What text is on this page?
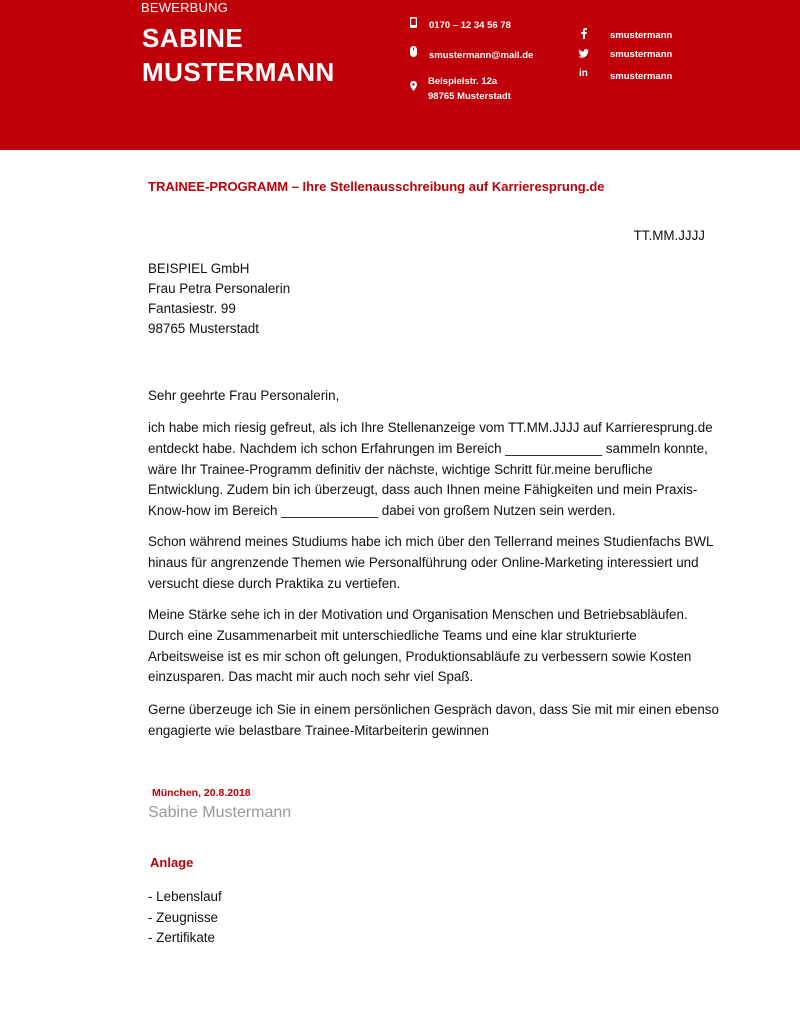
BEWERBUNG
SABINE
MUSTERMANN
0170 – 12 34 56 78
smustermann@mail.de
Beispielstr. 12a
98765 Musterstadt
smustermann
smustermann
in smustermann
TRAINEE-PROGRAMM – Ihre Stellenausschreibung auf Karrieresprung.de
TT.MM.JJJJ
BEISPIEL GmbH
Frau Petra Personalerin
Fantasiestr. 99
98765 Musterstadt
Sehr geehrte Frau Personalerin,
ich habe mich riesig gefreut, als ich Ihre Stellenanzeige vom TT.MM.JJJJ auf Karrieresprung.de
entdeckt habe. Nachdem ich schon Erfahrungen im Bereich _____________ sammeln konnte,
wäre Ihr Trainee-Programm definitiv der nächste, wichtige Schritt für.meine berufliche
Entwicklung. Zudem bin ich überzeugt, dass auch Ihnen meine Fähigkeiten und mein Praxis-
Know-how im Bereich _____________ dabei von großem Nutzen sein werden.
Schon während meines Studiums habe ich mich über den Tellerrand meines Studienfachs BWL
hinaus für angrenzende Themen wie Personalführung oder Online-Marketing interessiert und
versucht diese durch Praktika zu vertiefen.
Meine Stärke sehe ich in der Motivation und Organisation Menschen und Betriebsabläufen.
Durch eine Zusammenarbeit mit unterschiedliche Teams und eine klar strukturierte
Arbeitsweise ist es mir schon oft gelungen, Produktionsabläufe zu verbessern sowie Kosten
einzusparen. Das macht mir auch noch sehr viel Spaß.
Gerne überzeuge ich Sie in einem persönlichen Gespräch davon, dass Sie mit mir einen ebenso
engagierte wie belastbare Trainee-Mitarbeiterin gewinnen
München, 20.8.2018
Sabine Mustermann
Anlage
- Lebenslauf
- Zeugnisse
- Zertifikate
